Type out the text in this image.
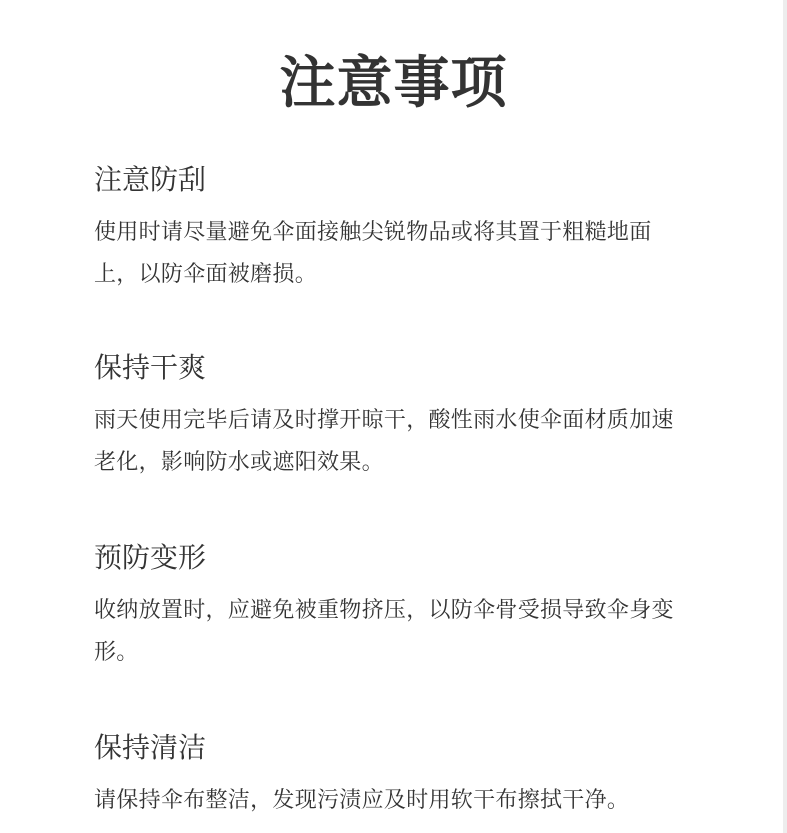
注意事项
注意防刮

使用时请尽量避免伞面接触尖锐物品或将其置于粗糙地面上，以防伞面被磨损。

保持干爽

雨天使用完毕后请及时撑开晾干，酸性雨水使伞面材质加速老化，影响防水或遮阳效果。

预防变形

收纳放置时，应避免被重物挤压，以防伞骨受损导致伞身变形。

保持清洁

请保持伞布整洁，发现污渍应及时用软干布擦拭干净。
